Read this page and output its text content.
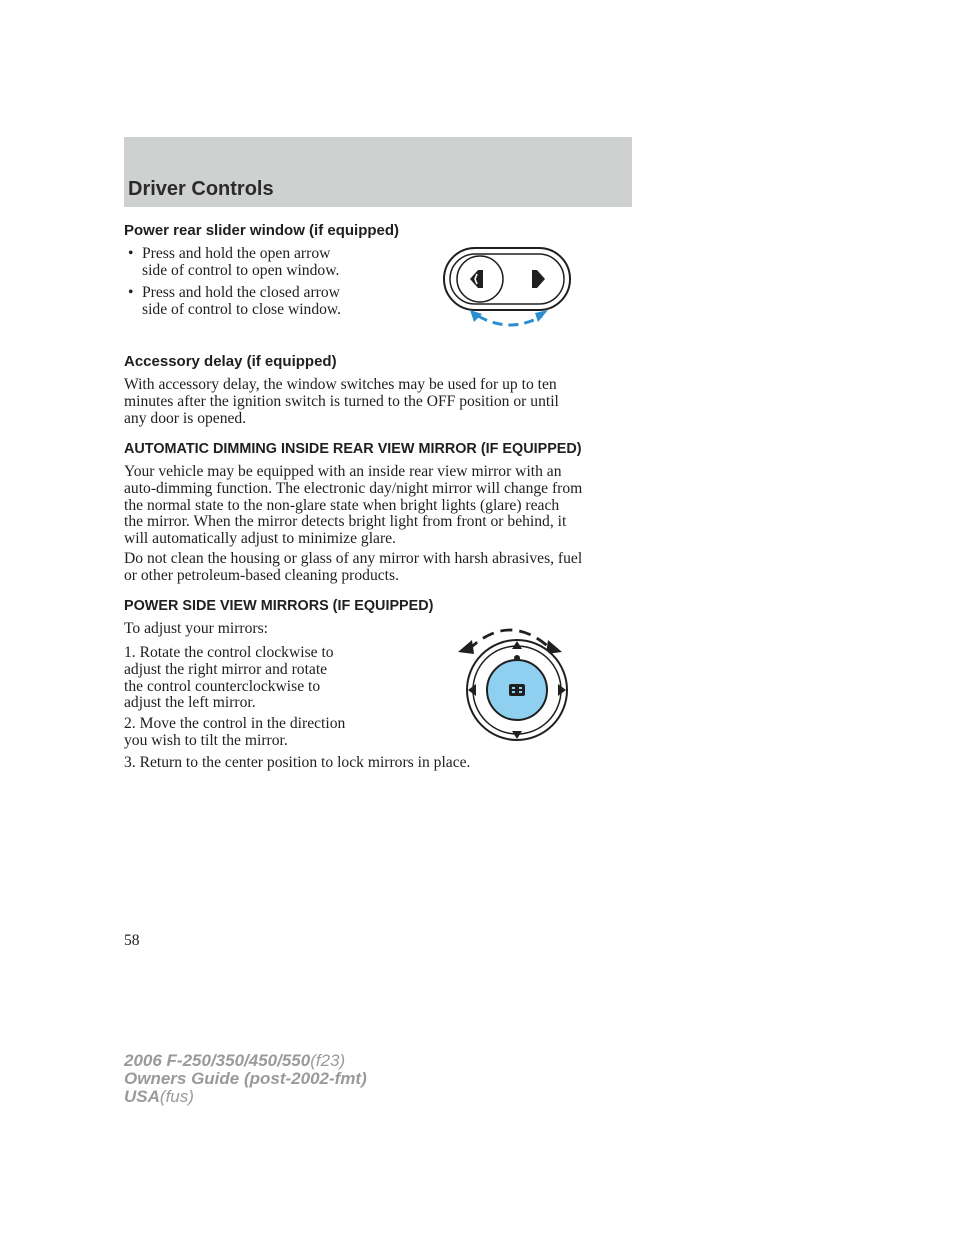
Driver Controls
Power rear slider window (if equipped)
• Press and hold the open arrow
side of control to open window.
• Press and hold the closed arrow
side of control to close window.
Accessory delay (if equipped)
With accessory delay, the window switches may be used for up to ten
minutes after the ignition switch is turned to the OFF position or until
any door is opened.
AUTOMATIC DIMMING INSIDE REAR VIEW MIRROR (IF EQUIPPED)
Your vehicle may be equipped with an inside rear view mirror with an
auto-dimming function. The electronic day/night mirror will change from
the normal state to the non-glare state when bright lights (glare) reach
the mirror. When the mirror detects bright light from front or behind, it
will automatically adjust to minimize glare.
Do not clean the housing or glass of any mirror with harsh abrasives, fuel
or other petroleum-based cleaning products.
POWER SIDE VIEW MIRRORS (IF EQUIPPED)
To adjust your mirrors:
1. Rotate the control clockwise to
adjust the right mirror and rotate
the control counterclockwise to
adjust the left mirror.
2. Move the control in the direction
you wish to tilt the mirror.
3. Return to the center position to lock mirrors in place.
58
2006 F-250/350/450/550(f23)
Owners Guide (post-2002-fmt)
USA(fus)
